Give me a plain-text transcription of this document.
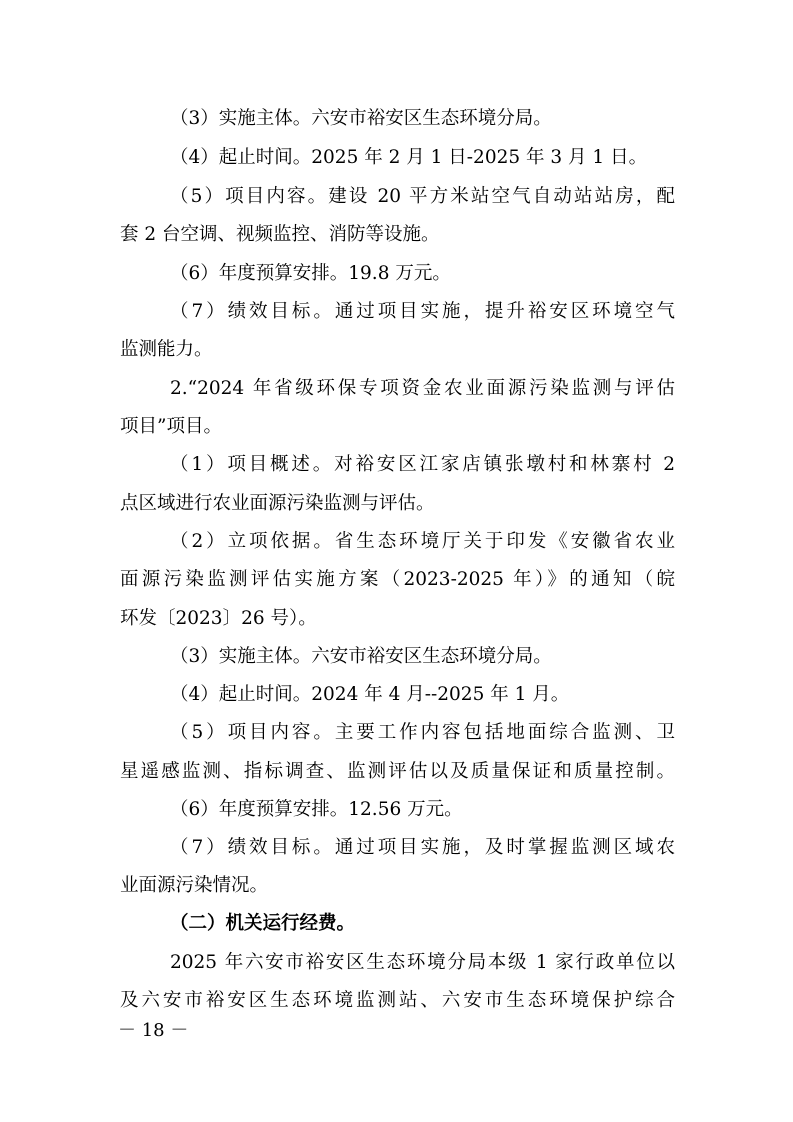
（3）实施主体。六安市裕安区生态环境分局。
（4）起止时间。2025 年 2 月 1 日-2025 年 3 月 1 日。
（5）项目内容。建设 20 平方米站空气自动站站房，配
套 2 台空调、视频监控、消防等设施。
（6）年度预算安排。19.8 万元。
（7）绩效目标。通过项目实施，提升裕安区环境空气
监测能力。
2.“2024 年省级环保专项资金农业面源污染监测与评估
项目”项目。
（1）项目概述。对裕安区江家店镇张墩村和林寨村 2
点区域进行农业面源污染监测与评估。
（2）立项依据。省生态环境厅关于印发《安徽省农业
面源污染监测评估实施方案（2023-2025 年）》的通知（皖
环发〔2023〕26 号）。
（3）实施主体。六安市裕安区生态环境分局。
（4）起止时间。2024 年 4 月--2025 年 1 月。
（5）项目内容。主要工作内容包括地面综合监测、卫
星遥感监测、指标调查、监测评估以及质量保证和质量控制。
（6）年度预算安排。12.56 万元。
（7）绩效目标。通过项目实施，及时掌握监测区域农
业面源污染情况。
（二）机关运行经费。
2025 年六安市裕安区生态环境分局本级 1 家行政单位以
及六安市裕安区生态环境监测站、六安市生态环境保护综合
－ 18 －
